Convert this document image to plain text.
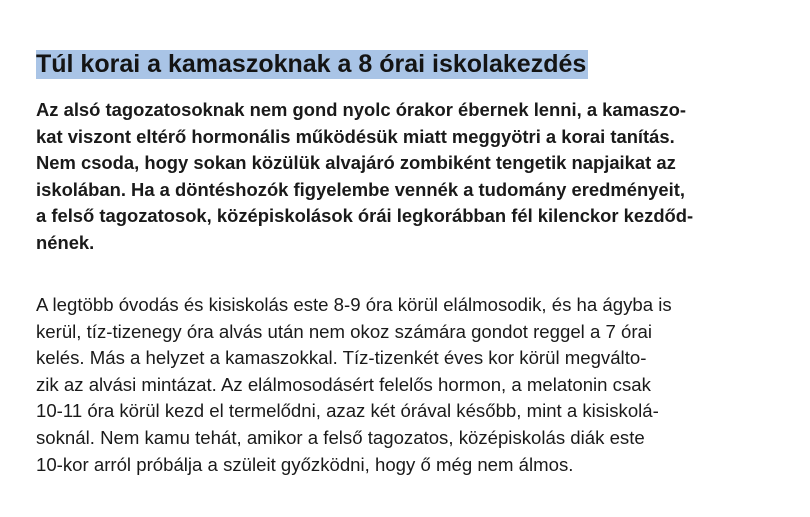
Túl korai a kamaszoknak a 8 órai iskolakezdés
Az alsó tagozatosoknak nem gond nyolc órakor ébernek lenni, a kamaszo-
kat viszont eltérő hormonális működésük miatt meggyötri a korai tanítás.
Nem csoda, hogy sokan közülük alvajáró zombiként tengetik napjaikat az
iskolában. Ha a döntéshozók figyelembe vennék a tudomány eredményeit,
a felső tagozatosok, középiskolások órái legkorábban fél kilenckor kezdőd-
nének.
A legtöbb óvodás és kisiskolás este 8-9 óra körül elálmosodik, és ha ágyba is
kerül, tíz-tizenegy óra alvás után nem okoz számára gondot reggel a 7 órai
kelés. Más a helyzet a kamaszokkal. Tíz-tizenkét éves kor körül megválto-
zik az alvási mintázat. Az elálmosodásért felelős hormon, a melatonin csak
10-11 óra körül kezd el termelődni, azaz két órával később, mint a kisiskolá-
soknál. Nem kamu tehát, amikor a felső tagozatos, középiskolás diák este
10-kor arról próbálja a szüleit győzködni, hogy ő még nem álmos.
